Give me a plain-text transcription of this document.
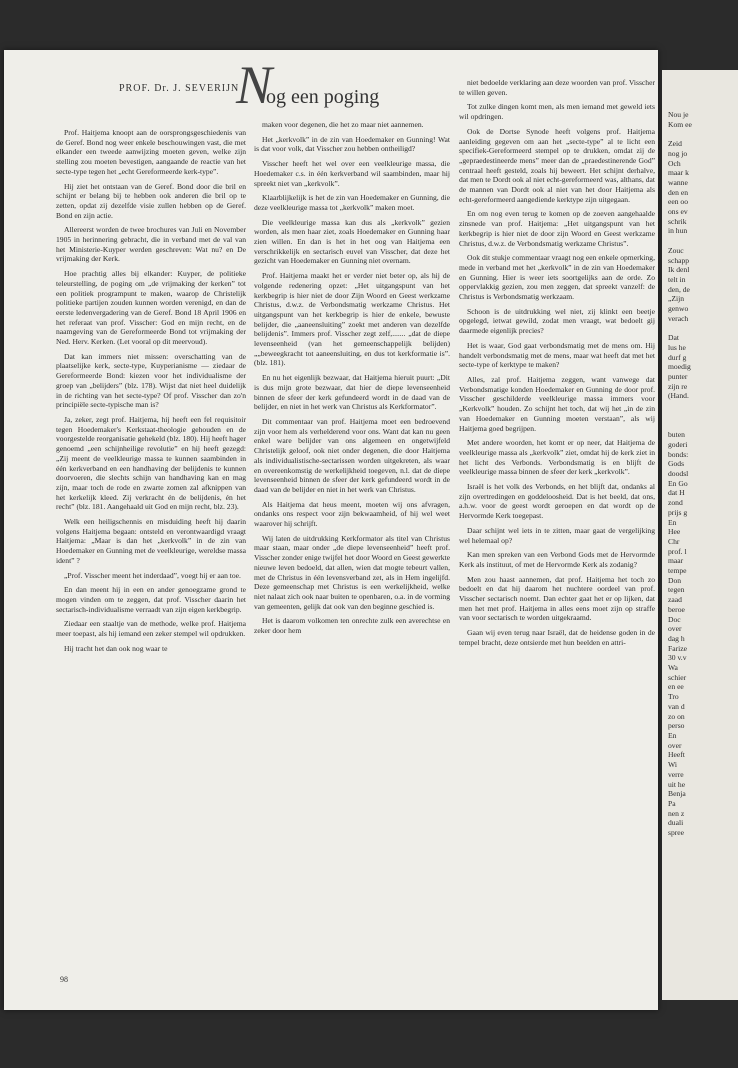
PROF. Dr. J. SEVERIJN
N
og een poging

Prof. Haitjema knoopt aan de oorsprongsgeschiedenis van de Geref. Bond nog weer enkele beschouwingen vast, die met elkander een tweede aanwijzing moeten geven, welke zijn stelling zou moeten bevestigen, aangaande de reactie van het secte-type tegen het „echt Gereformeerde kerk-type”.

Hij ziet het ontstaan van de Geref. Bond door die bril en schijnt er belang bij te hebben ook anderen die bril op te zetten, opdat zij dezelfde visie zullen hebben op de Geref. Bond en zijn actie.

Allereerst worden de twee brochures van Juli en November 1905 in herinnering gebracht, die in verband met de val van het Ministerie-Kuyper werden geschreven: Wat nu? en De vrijmaking der Kerk.

Hoe prachtig alles bij elkander: Kuyper, de politieke teleurstelling, de poging om „de vrijmaking der kerken” tot een politiek programpunt te maken, waarop de Christelijk politieke partijen zouden kunnen worden verenigd, en dan de eerste ledenvergadering van de Geref. Bond 18 April 1906 en het referaat van prof. Visscher: God en mijn recht, en de naamgeving van de Gereformeerde Bond tot vrijmaking der Ned. Herv. Kerken. (Let vooral op dit meervoud).

Dat kan immers niet missen: overschatting van de plaatselijke kerk, secte-type, Kuyperianisme — ziedaar de Gereformeerde Bond: kiezen voor het individualisme der groep van „belijders” (blz. 178). Wijst dat niet heel duidelijk in de richting van het secte-type? Of prof. Visscher dan zo'n principiële secte-typische man is?

Ja, zeker, zegt prof. Haitjema, hij heeft een fel requisitoir tegen Hoedemaker's Kerkstaat-theologie gehouden en de voorgestelde reorganisatie gehekeld (blz. 180). Hij heeft hager genoemd „een schijnheilige revolutie” en hij heeft gezegd: „Zij meent de veelkleurige massa te kunnen saambinden in één kerkverband en een handhaving der belijdenis te kunnen doorvoeren, die slechts schijn van handhaving kan en mag zijn, maar toch de rode en zwarte zomen zal afknippen van het kerkelijk kleed. Zij verkracht én de belijdenis, én het recht” (blz. 181. Aangehaald uit God en mijn recht, blz. 23).

Welk een heiligschennis en misduiding heeft hij daarin volgens Haitjema begaan: ontsteld en verontwaardigd vraagt Haitjema: „Maar is dan het „kerkvolk” in de zin van Hoedemaker en Gunning met de veelkleurige, wereldse massa ident” ?

„Prof. Visscher meent het inderdaad”, voegt hij er aan toe.

En dan meent hij in een en ander genoegzame grond te mogen vinden om te zeggen, dat prof. Visscher daarin het sectarisch-individualisme verraadt van zijn eigen kerkbegrip.

Ziedaar een staaltje van de methode, welke prof. Haitjema meer toepast, als hij iemand een zeker stempel wil opdrukken.

Hij tracht het dan ook nog waar te

maken voor degenen, die het zo maar niet aannemen.

Het „kerkvolk” in de zin van Hoedemaker en Gunning! Wat is dat voor volk, dat Visscher zou hebben ontheiligd?

Visscher heeft het wel over een veelkleurige massa, die Hoedemaker c.s. in één kerkverband wil saambinden, maar hij spreekt niet van „kerkvolk”.

Klaarblijkelijk is het de zin van Hoedemaker en Gunning, die deze veelkleurige massa tot „kerkvolk” maken moet.

Die veelkleurige massa kan dus als „kerkvolk” gezien worden, als men haar ziet, zoals Hoedemaker en Gunning haar zien willen. En dan is het in het oog van Haitjema een verschrikkelijk en sectarisch euvel van Visscher, dat deze het gezicht van Hoedemaker en Gunning niet overnam.

Prof. Haitjema maakt het er verder niet beter op, als hij de volgende redenering opzet: „Het uitgangspunt van het kerkbegrip is hier niet de door Zijn Woord en Geest werkzame Christus, d.w.z. de Verbondsmatig werkzame Christus. Het uitgangspunt van het kerkbegrip is hier de enkele, bewuste belijder, die „aaneensluiting” zoekt met anderen van dezelfde belijdenis”. Immers prof. Visscher zegt zelf,....... „dat de diepe levenseenheid (van het gemeenschappelijk belijden) „„beweegkracht tot aaneensluiting, en dus tot kerkformatie is”. (blz. 181).

En nu het eigenlijk bezwaar, dat Haitjema hieruit puurt: „Dit is dus mijn grote bezwaar, dat hier de diepe levenseenheid binnen de sfeer der kerk gefundeerd wordt in de daad van de belijder, en niet in het werk van Christus als Kerkformator”.

Dit commentaar van prof. Haitjema moet een bedroevend zijn voor hem als verhelderend voor ons. Want dat kan nu geen enkel ware belijder van ons algemeen en ongetwijfeld Christelijk geloof, ook niet onder degenen, die door Haitjema als individualistische-sectarissen worden uitgekreten, als waar en overeenkomstig de werkelijkheid toegeven, n.l. dat de diepe levenseenheid binnen de sfeer der kerk gefundeerd wordt in de daad van de belijder en niet in het werk van Christus.

Als Haitjema dat heus meent, moeten wij ons afvragen, ondanks ons respect voor zijn bekwaamheid, of hij wel weet waarover hij schrijft.

Wij laten de uitdrukking Kerkformator als titel van Christus maar staan, maar onder „de diepe levenseenheid” heeft prof. Visscher zonder enige twijfel het door Woord en Geest gewerkte nieuwe leven bedoeld, dat allen, wien dat mogte tebeurt vallen, met de Christus in één levensverband zet, als in Hem ingelijfd. Deze gemeenschap met Christus is een werkelijkheid, welke niet nalaat zich ook naar buiten te openbaren, o.a. in de vorming van gemeenten, gelijk dat ook van den beginne geschied is.

Het is daarom volkomen ten onrechte zulk een averechtse en zeker door hem

niet bedoelde verklaring aan deze woorden van prof. Visscher te willen geven.

Tot zulke dingen komt men, als men iemand met geweld iets wil opdringen.

Ook de Dortse Synode heeft volgens prof. Haitjema aanleiding gegeven om aan het „secte-type” al te licht een specifiek-Gereformeerd stempel op te drukken, omdat zij de „gepraedestineerde mens” meer dan de „praedestinerende God” centraal heeft gesteld, zoals hij beweert. Het schijnt derhalve, dat men te Dordt ook al niet echt-gereformeerd was, althans, dat de mannen van Dordt ook al niet van het door Haitjema als echt-gereformeerd aangediende kerktype zijn uitgegaan.

En om nog even terug te komen op de zoeven aangehaalde zinsnede van prof. Haitjema: „Het uitgangspunt van het kerkbegrip is hier niet de door zijn Woord en Geest werkzame Christus, d.w.z. de Verbondsmatig werkzame Christus”.

Ook dit stukje commentaar vraagt nog een enkele opmerking, mede in verband met het „kerkvolk” in de zin van Hoedemaker en Gunning. Hier is weer iets soortgelijks aan de orde. Zo oppervlakkig gezien, zou men zeggen, dat spreekt vanzelf: de Christus is Verbondsmatig werkzaam.

Schoon is de uitdrukking wel niet, zij klinkt een beetje opgelegd, ietwat gewild, zodat men vraagt, wat bedoelt gij daarmede eigenlijk precies?

Het is waar, God gaat verbondsmatig met de mens om. Hij handelt verbondsmatig met de mens, maar wat heeft dat met het secte-type of kerktype te maken?

Alles, zal prof. Haitjema zeggen, want vanwege dat Verbondsmatige konden Hoedemaker en Gunning de door prof. Visscher geschilderde veelkleurige massa immers voor „Kerkvolk” houden. Zo schijnt het toch, dat wij het „in de zin van Hoedemaker en Gunning moeten verstaan”, als wij Haitjema goed begrijpen.

Met andere woorden, het komt er op neer, dat Haitjema de veelkleurige massa als „kerkvolk” ziet, omdat hij de kerk ziet in het licht des Verbonds. Verbondsmatig is en blijft de veelkleurige massa binnen de sfeer der kerk „kerkvolk”.

Israël is het volk des Verbonds, en het blijft dat, ondanks al zijn overtredingen en goddeloosheid. Dat is het beeld, dat ons, a.h.w. voor de geest wordt geroepen en dat wordt op de Hervormde Kerk toegepast.

Daar schijnt wel iets in te zitten, maar gaat de vergelijking wel helemaal op?

Kan men spreken van een Verbond Gods met de Hervormde Kerk als instituut, of met de Hervormde Kerk als zodanig?

Men zou haast aannemen, dat prof. Haitjema het toch zo bedoelt en dat hij daarom het nuchtere oordeel van prof. Visscher sectarisch noemt. Dan echter gaat het er op lijken, dat men het met prof. Haitjema in alles eens moet zijn op straffe van voor sectarisch te worden uitgekraamd.

Gaan wij even terug naar Israël, dat de heidense goden in de tempel bracht, deze ontsierde met hun beelden en attri-

98
Nou je
Kom ee

Zeid
nog jo
Och
maar k
wanne
den en
een oo
ons ev
schrik
in hun

Zouc
schapp
Ik denl
telt in
den, de
„Zijn
genwo
verach

Dat
lus he
durf g
moedig
punter
zijn re
(Hand.

buten
goderi
bonds:
Gods
doodsl
En Go
dat H
zond
prijs g
En
Hee
Chr
prof. l
maar
tempe
Don
tegen
zaad
beroe
Doc
over
dag h
Farize
30 v.v
Wa
schier
en ee
Tro
van d
zo on
perso
En
over
Heeft
Wi
verre
uit he
Benja
Pa
nen z
duali
spree
